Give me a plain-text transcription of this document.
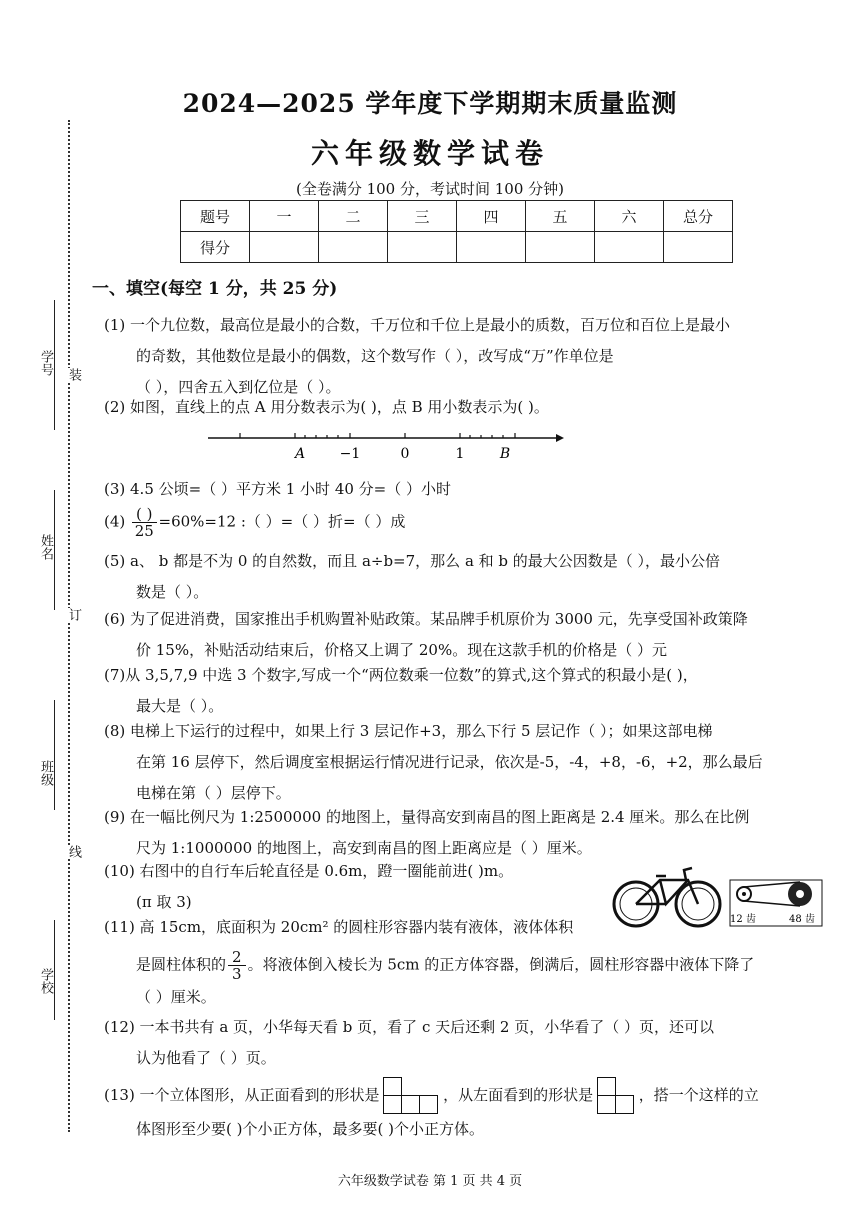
学号 装
姓名
订
班级
线
学校
2024—2025 学年度下学期期末质量监测
六年级数学试卷
(全卷满分 100 分，考试时间 100 分钟)
题号	一	二	三	四	五	六	总分
得分							
一、填空(每空 1 分，共 25 分)
(1) 一个九位数，最高位是最小的合数，千万位和千位上是最小的质数，百万位和百位上是最小
的奇数，其他数位是最小的偶数，这个数写作（ ），改写成“万”作单位是
（ ），四舍五入到亿位是（ ）。
(2) 如图，直线上的点 A 用分数表示为( )，点 B 用小数表示为( )。
A −1	0	1	B
(3) 4.5 公顷=（ ）平方米 1 小时 40 分=（ ）小时
$(4) \frac{( )}{25} =60\%=12$ :（ ）=（ ）折=（ ）成
(5) a、 b 都是不为 0 的自然数，而且 a÷b=7，那么 a 和 b 的最大公因数是（ ），最小公倍
数是（ ）。
(6) 为了促进消费，国家推出手机购置补贴政策。某品牌手机原价为 3000 元，先享受国补政策降
价 15%，补贴活动结束后，价格又上调了 20%。现在这款手机的价格是（ ）元
(7)从 3,5,7,9 中选 3 个数字,写成一个“两位数乘一位数”的算式,这个算式的积最小是( )，
最大是（ ）。
(8) 电梯上下运行的过程中，如果上行 3 层记作+3，那么下行 5 层记作（ ）；如果这部电梯
在第 16 层停下，然后调度室根据运行情况进行记录，依次是-5，-4，+8，-6，+2，那么最后
电梯在第（ ）层停下。
(9) 在一幅比例尺为 1:2500000 的地图上，量得高安到南昌的图上距离是 2.4 厘米。那么在比例
尺为 1:1000000 的地图上，高安到南昌的图上距离应是（ ）厘米。
(10) 右图中的自行车后轮直径是 0.6m，蹬一圈能前进( )m。
(π 取 3)
12 齿	48 齿
(11) 高 15cm，底面积为 20cm² 的圆柱形容器内装有液体，液体体积
是圆柱体积的 $\frac{2}{3}$ 。将液体倒入棱长为 5cm 的正方体容器，倒满后，圆柱形容器中液体下降了
（ ）厘米。
(12) 一本书共有 a 页，小华每天看 b 页，看了 c 天后还剩 2 页，小华看了（ ）页，还可以
认为他看了（ ）页。
(13) 一个立体图形，从正面看到的形状是	，从左面看到的形状是	，搭一个这样的立
体图形至少要( )个小正方体，最多要( )个小正方体。
六年级数学试卷 第 1 页 共 4 页
